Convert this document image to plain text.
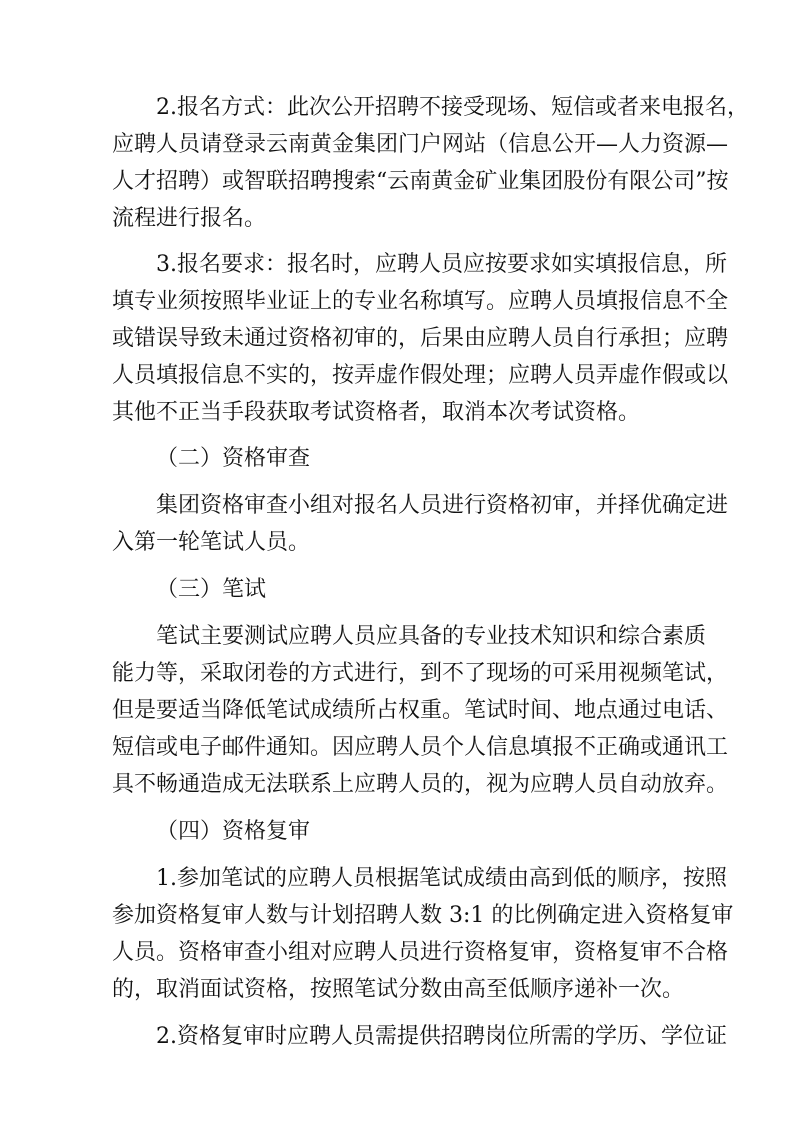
2.报名方式：此次公开招聘不接受现场、短信或者来电报名，
应聘人员请登录云南黄金集团门户网站（信息公开—人力资源—
人才招聘）或智联招聘搜索“云南黄金矿业集团股份有限公司”按
流程进行报名。
3.报名要求：报名时，应聘人员应按要求如实填报信息，所
填专业须按照毕业证上的专业名称填写。应聘人员填报信息不全
或错误导致未通过资格初审的，后果由应聘人员自行承担；应聘
人员填报信息不实的，按弄虚作假处理；应聘人员弄虚作假或以
其他不正当手段获取考试资格者，取消本次考试资格。

（二）资格审查

集团资格审查小组对报名人员进行资格初审，并择优确定进
入第一轮笔试人员。

（三）笔试

笔试主要测试应聘人员应具备的专业技术知识和综合素质
能力等，采取闭卷的方式进行，到不了现场的可采用视频笔试，
但是要适当降低笔试成绩所占权重。笔试时间、地点通过电话、
短信或电子邮件通知。因应聘人员个人信息填报不正确或通讯工
具不畅通造成无法联系上应聘人员的，视为应聘人员自动放弃。

（四）资格复审

1.参加笔试的应聘人员根据笔试成绩由高到低的顺序，按照
参加资格复审人数与计划招聘人数 3:1 的比例确定进入资格复审
人员。资格审查小组对应聘人员进行资格复审，资格复审不合格
的，取消面试资格，按照笔试分数由高至低顺序递补一次。
2.资格复审时应聘人员需提供招聘岗位所需的学历、学位证
